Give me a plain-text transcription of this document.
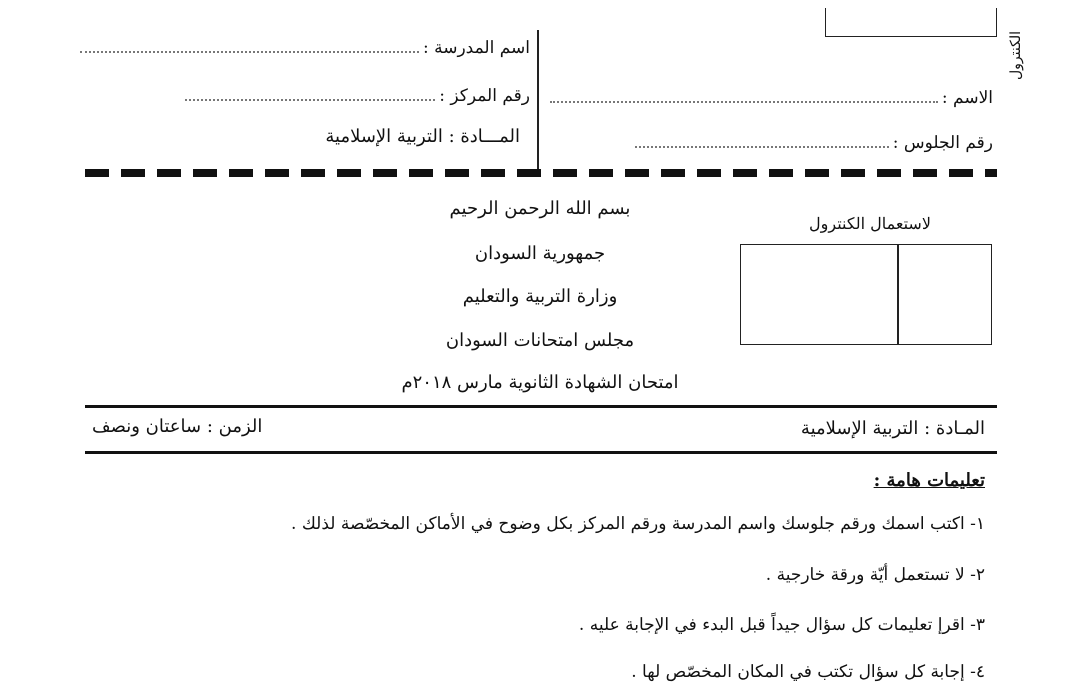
الكنترول
اسم المدرسة :
رقم المركز :
المـــادة : التربية الإسلامية
الاسم :
رقم الجلوس :
بسم الله الرحمن الرحيم
جمهورية السودان
وزارة التربية والتعليم
مجلس امتحانات السودان
امتحان الشهادة الثانوية مارس ٢٠١٨م
لاستعمال الكنترول
المـادة : التربية الإسلامية
الزمن : ساعتان ونصف
تعليمات هامة :
١- اكتب اسمك ورقم جلوسك واسم المدرسة ورقم المركز بكل وضوح في الأماكن المخصّصة لذلك .
٢- لا تستعمل أيّة ورقة خارجية .
٣- اقرإ تعليمات كل سؤال جيداً قبل البدء في الإجابة عليه .
٤- إجابة كل سؤال تكتب في المكان المخصّص لها .
